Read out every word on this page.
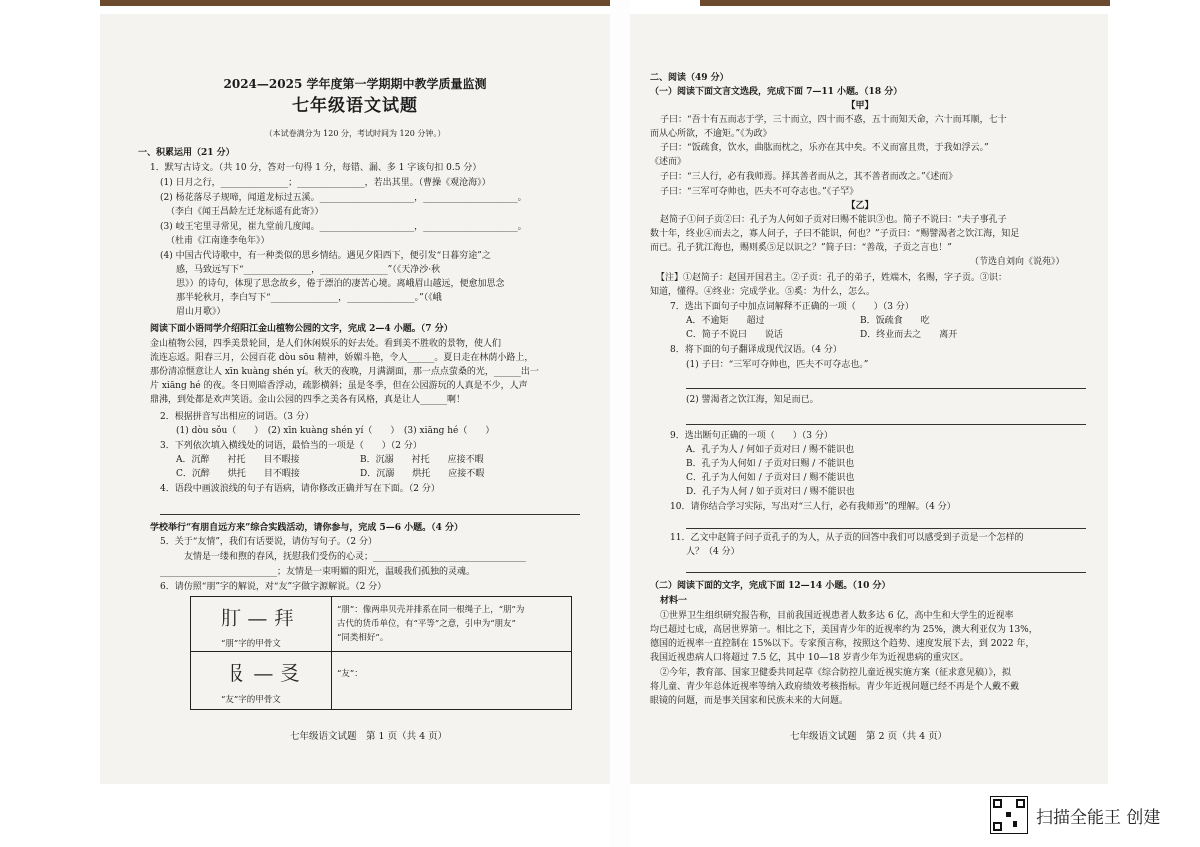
2024—2025 学年度第一学期期中教学质量监测
七年级语文试题
（本试卷满分为 120 分，考试时间为 120 分钟。）
一、积累运用（21 分）
1．默写古诗文。（共 10 分，答对一句得 1 分，每错、漏、多 1 字该句扣 0.5 分）
(1) 日月之行，_______________；_______________，若出其里。（曹操《观沧海》）
(2) 杨花落尽子规啼，闻道龙标过五溪。_____________________，_____________________。
（李白《闻王昌龄左迁龙标遥有此寄》）
(3) 岐王宅里寻常见，崔九堂前几度闻。_____________________，_____________________。
（杜甫《江南逢李龟年》）
(4) 中国古代诗歌中，有一种类似的思乡情结。遇见夕阳西下，便引发“日暮穷途”之
感，马致远写下“_______________，_______________”（《天净沙·秋
思》）的诗句，体现了思念故乡，倦于漂泊的凄苦心境。离峨眉山越远，便愈加思念
那半轮秋月，李白写下“_______________，_______________。”（《峨
眉山月歌》）
阅读下面小语同学介绍阳江金山植物公园的文字，完成 2—4 小题。（7 分）
金山植物公园，四季美景轮回，是人们休闲娱乐的好去处。看到美不胜收的景物，使人们
流连忘返。阳春三月，公园百花 dòu sōu 精神，娇媚斗艳，令人______。夏日走在林荫小路上，
那份清凉惬意让人 xīn kuàng shén yí。秋天的夜晚，月满湖面，那一点点萤桑的光，______出一
片 xiāng hé 的夜。冬日则暗香浮动，疏影横斜；虽是冬季，但在公园游玩的人真是不少，人声
鼎沸，到处都是欢声笑语。金山公园的四季之美各有风格，真是让人______啊！
2．根据拼音写出相应的词语。（3 分）
(1) dòu sǒu（　　）　(2) xīn kuàng shén yí（　　）　(3) xiāng hé（　　）
3．下列依次填入横线处的词语，最恰当的一项是（　　）（2 分）
A．沉醉　　衬托　　目不暇接	B．沉溺　　衬托　　应接不暇
C．沉醉　　烘托　　目不暇接	D．沉溺　　烘托　　应接不暇
4．语段中画波浪线的句子有语病，请你修改正确并写在下面。（2 分）
学校举行“有朋自远方来”综合实践活动，请你参与，完成 5—6 小题。（4 分）
5．关于“友情”，我们有话要说，请仿写句子。（2 分）
友情是一缕和煦的春风，抚慰我们受伤的心灵；__________________________________
__________________________；友情是一束明媚的阳光，温暖我们孤独的灵魂。
6．请仿照“朋”字的解说，对“友”字做字源解说。（2 分）
𦘭 — 拜
“朋”字的甲骨文
“朋”：像两串贝壳并排系在同一根绳子上，“朋”为
古代的货币单位，有“平等”之意，引申为“朋友”
“同类相好”。
𠬝 — 㕛
“友”字的甲骨文
“友”：
七年级语文试题　第 1 页（共 4 页）
二、阅读（49 分）
（一）阅读下面文言文选段，完成下面 7—11 小题。（18 分）
【甲】
子曰：“吾十有五而志于学，三十而立，四十而不惑，五十而知天命，六十而耳顺，七十
而从心所欲，不逾矩。”《为政》
子曰：“饭疏食，饮水，曲肱而枕之，乐亦在其中矣。不义而富且贵，于我如浮云。”
《述而》
子曰：“三人行，必有我师焉。择其善者而从之，其不善者而改之。”《述而》
子曰：“三军可夺帅也，匹夫不可夺志也。”《子罕》
【乙】
赵简子①问子贡②曰：孔子为人何如子贡对曰赐不能识③也。简子不说曰：“夫子事孔子
数十年，终业④而去之，寡人问子，子曰不能识，何也？”子贡曰：“赐譬渴者之饮江海，知足
而已。孔子犹江海也，赐则奚⑤足以识之？”简子曰：“善哉，子贡之言也！”
（节选自刘向《说苑》）
【注】①赵简子：赵国开国君主。②子贡：孔子的弟子，姓端木，名赐，字子贡。③识：
知道，懂得。④终业：完成学业。⑤奚：为什么，怎么。
7．选出下面句子中加点词解释不正确的一项（　　）（3 分）
A．不逾矩　　超过	B．饭疏食　　吃
C．简子不说曰　　说话	D．终业而去之　　离开
8．将下面的句子翻译成现代汉语。（4 分）
(1) 子曰：“三军可夺帅也，匹夫不可夺志也。”
(2) 譬渴者之饮江海，知足而已。
9．选出断句正确的一项（　　）（3 分）
A．孔子为人 / 何如子贡对曰 / 赐不能识也
B．孔子为人何如 / 子贡对曰赐 / 不能识也
C．孔子为人何如 / 子贡对曰 / 赐不能识也
D．孔子为人何 / 如子贡对曰 / 赐不能识也
10．请你结合学习实际，写出对“三人行，必有我师焉”的理解。（4 分）
11．乙文中赵简子问子贡孔子的为人，从子贡的回答中我们可以感受到子贡是一个怎样的
人？（4 分）
（二）阅读下面的文字，完成下面 12—14 小题。（10 分）
材料一
①世界卫生组织研究报告称，目前我国近视患者人数多达 6 亿，高中生和大学生的近视率
均已超过七成，高居世界第一。相比之下，美国青少年的近视率约为 25%，澳大利亚仅为 13%，
德国的近视率一直控制在 15%以下。专家预言称，按照这个趋势、速度发展下去，到 2022 年，
我国近视患病人口将超过 7.5 亿，其中 10—18 岁青少年为近视患病的重灾区。
②今年，教育部、国家卫健委共同起草《综合防控儿童近视实施方案（征求意见稿）》，拟
将儿童、青少年总体近视率等纳入政府绩效考核指标。青少年近视问题已经不再是个人戴不戴
眼镜的问题，而是事关国家和民族未来的大问题。
七年级语文试题　第 2 页（共 4 页）
扫描全能王 创建
